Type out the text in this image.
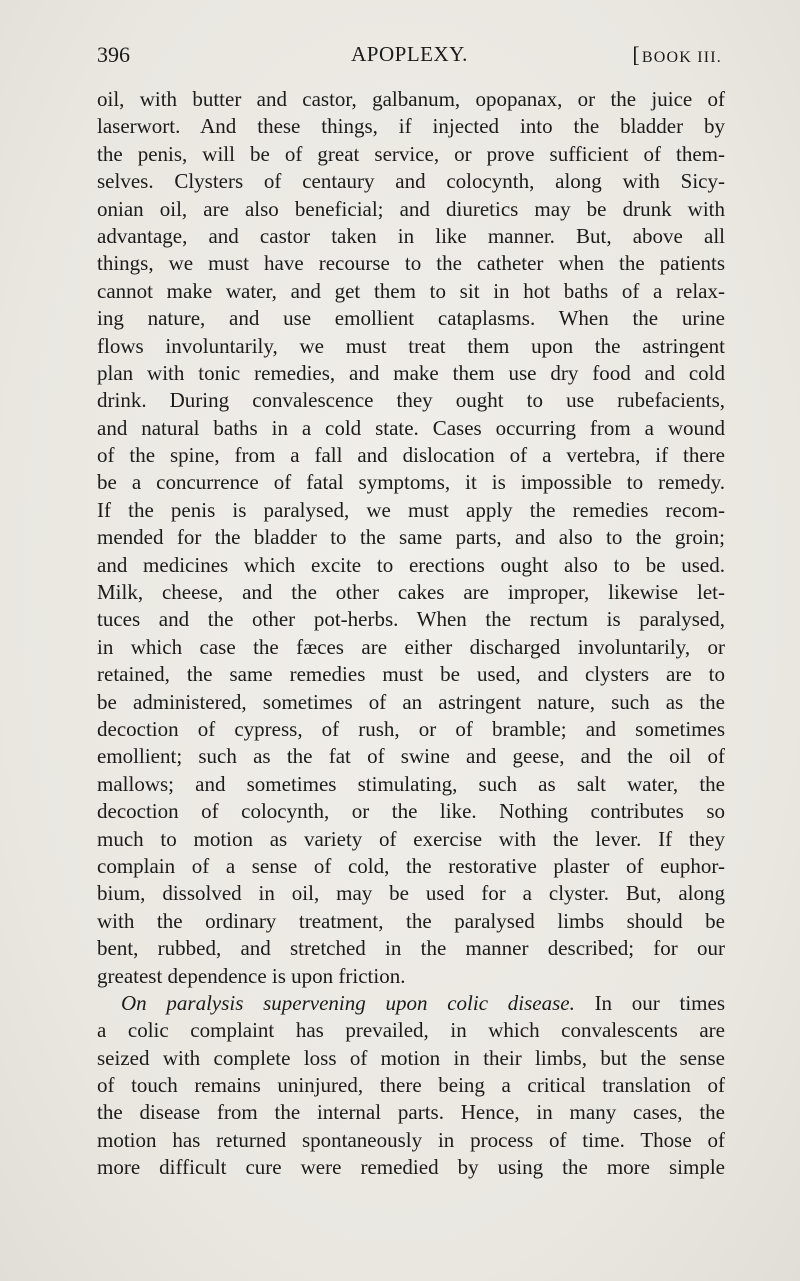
396	APOPLEXY.	[BOOK III.
oil, with butter and castor, galbanum, opopanax, or the juice of
laserwort. And these things, if injected into the bladder by
the penis, will be of great service, or prove sufficient of them-
selves. Clysters of centaury and colocynth, along with Sicy-
onian oil, are also beneficial; and diuretics may be drunk with
advantage, and castor taken in like manner. But, above all
things, we must have recourse to the catheter when the patients
cannot make water, and get them to sit in hot baths of a relax-
ing nature, and use emollient cataplasms. When the urine
flows involuntarily, we must treat them upon the astringent
plan with tonic remedies, and make them use dry food and cold
drink. During convalescence they ought to use rubefacients,
and natural baths in a cold state. Cases occurring from a wound
of the spine, from a fall and dislocation of a vertebra, if there
be a concurrence of fatal symptoms, it is impossible to remedy.
If the penis is paralysed, we must apply the remedies recom-
mended for the bladder to the same parts, and also to the groin;
and medicines which excite to erections ought also to be used.
Milk, cheese, and the other cakes are improper, likewise let-
tuces and the other pot-herbs. When the rectum is paralysed,
in which case the fæces are either discharged involuntarily, or
retained, the same remedies must be used, and clysters are to
be administered, sometimes of an astringent nature, such as the
decoction of cypress, of rush, or of bramble; and sometimes
emollient; such as the fat of swine and geese, and the oil of
mallows; and sometimes stimulating, such as salt water, the
decoction of colocynth, or the like. Nothing contributes so
much to motion as variety of exercise with the lever. If they
complain of a sense of cold, the restorative plaster of euphor-
bium, dissolved in oil, may be used for a clyster. But, along
with the ordinary treatment, the paralysed limbs should be
bent, rubbed, and stretched in the manner described; for our
greatest dependence is upon friction.
On paralysis supervening upon colic disease. In our times
a colic complaint has prevailed, in which convalescents are
seized with complete loss of motion in their limbs, but the sense
of touch remains uninjured, there being a critical translation of
the disease from the internal parts. Hence, in many cases, the
motion has returned spontaneously in process of time. Those of
more difficult cure were remedied by using the more simple
